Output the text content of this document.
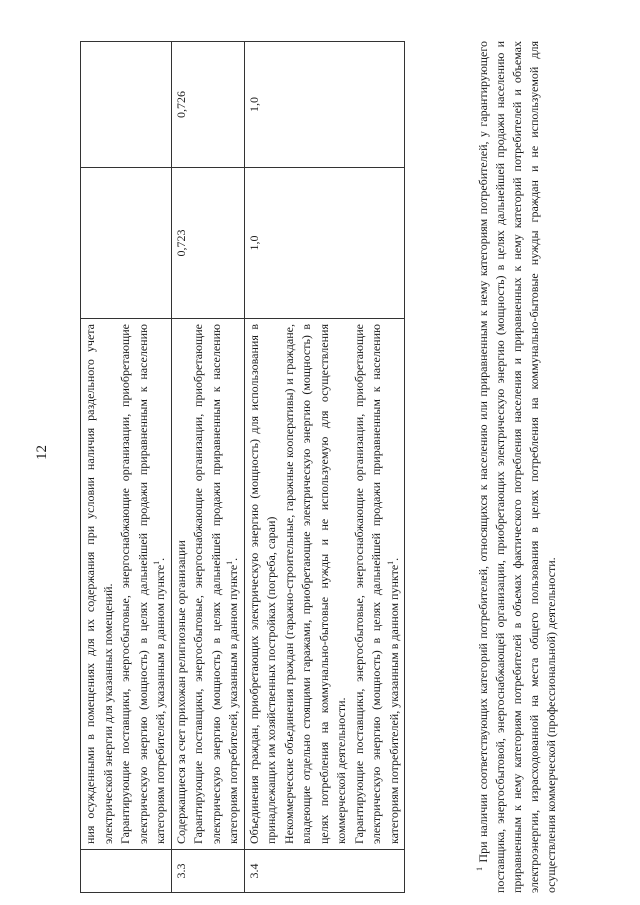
12

	ния осужденными в помещениях для их содержания при условии наличия раздельного учета электрической энергии для указанных помещений. Гарантирующие поставщики, энергосбытовые, энергоснабжающие организации, приобретающие электрическую энергию (мощность) в целях дальнейшей продажи приравненным к населению категориям потребителей, указанным в данном пункте$^1$.		
3.3	Содержащиеся за счет прихожан религиозные организации Гарантирующие поставщики, энергосбытовые, энергоснабжающие организации, приобретающие электрическую энергию (мощность) в целях дальнейшей продажи приравненным к населению категориям потребителей, указанным в данном пункте$^1$.	0,723	0,726
3.4	Объединения граждан, приобретающих электрическую энергию (мощность) для использования в принадлежащих им хозяйственных постройках (погреба, сараи) Некоммерческие объединения граждан (гаражно-строительные, гаражные кооперативы) и граждане, владеющие отдельно стоящими гаражами, приобретающие электрическую энергию (мощность) в целях потребления на коммунально-бытовые нужды и не используемую для осуществления коммерческой деятельности. Гарантирующие поставщики, энергосбытовые, энергоснабжающие организации, приобретающие электрическую энергию (мощность) в целях дальнейшей продажи приравненным к населению категориям потребителей, указанным в данном пункте$^1$.	1,0	1,0
$^1$ При наличии соответствующих категорий потребителей, относящихся к населению или приравненным к нему категориям потребителей, у гарантирующего поставщика, энергосбытовой, энергоснабжающей организации, приобретающих электрическую энергию (мощность) в целях дальнейшей продажи населению и приравненным к нему категориям потребителей в объемах фактического потребления населения и приравненных к нему категорий потребителей и объемах электроэнергии, израсходованной на места общего пользования в целях потребления на коммунально-бытовые нужды граждан и не используемой для осуществления коммерческой (профессиональной) деятельности.
